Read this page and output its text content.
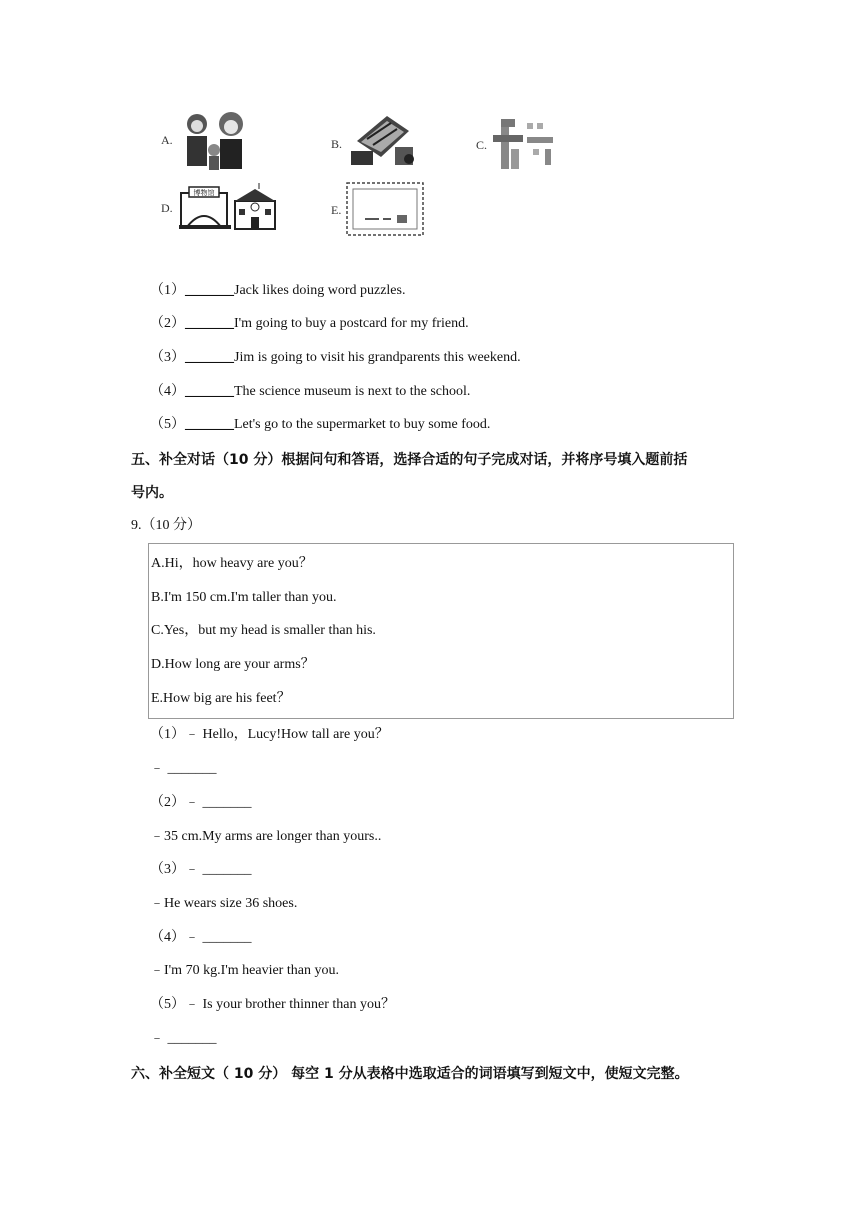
A.	B.	C.
D.
博物馆
E.
（1）_______Jack likes doing word puzzles.
（2）_______I'm going to buy a postcard for my friend.
（3）_______Jim is going to visit his grandparents this weekend.
（4）_______The science museum is next to the school.
（5）_______Let's go to the supermarket to buy some food.
五、补全对话（10 分）根据问句和答语，选择合适的句子完成对话，并将序号填入题前括
号内。
9.（10 分）
A.Hi，how heavy are you？
B.I'm 150 cm.I'm taller than you.
C.Yes，but my head is smaller than his.
D.How long are your arms？
E.How big are his feet？
（1）﹣ Hello，Lucy!How tall are you？
﹣ _______
（2）﹣ _______
﹣35 cm.My arms are longer than yours..
（3）﹣ _______
﹣He wears size 36 shoes.
（4）﹣ _______
﹣I'm 70 kg.I'm heavier than you.
（5）﹣ Is your brother thinner than you？
﹣ _______
六、补全短文（ 10 分） 每空 1 分从表格中选取适合的词语填写到短文中，使短文完整。
